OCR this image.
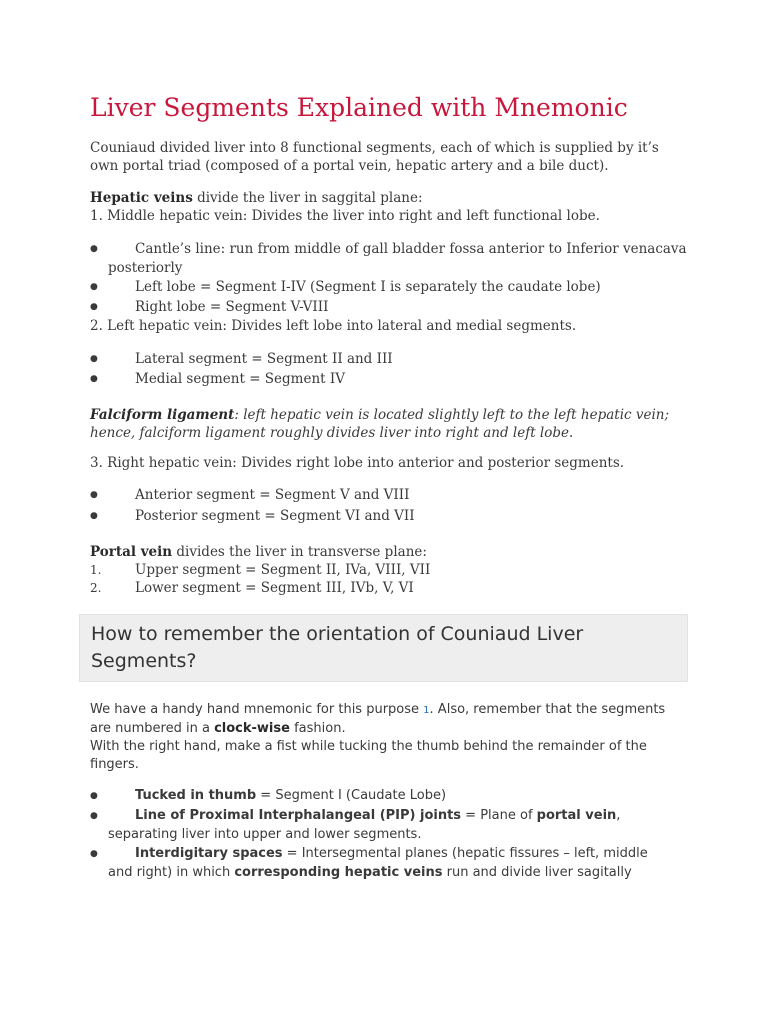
Liver Segments Explained with Mnemonic

Couniaud divided liver into 8 functional segments, each of which is supplied by it’s own portal triad (composed of a portal vein, hepatic artery and a bile duct).

Hepatic veins divide the liver in saggital plane:

1. Middle hepatic vein: Divides the liver into right and left functional lobe.

●	Cantle’s line: run from middle of gall bladder fossa anterior to Inferior venacava
posteriorly
●	Left lobe = Segment I-IV (Segment I is separately the caudate lobe)
●	Right lobe = Segment V-VIII

2. Left hepatic vein: Divides left lobe into lateral and medial segments.

●	Lateral segment = Segment II and III
●	Medial segment = Segment IV

Falciform ligament: left hepatic vein is located slightly left to the left hepatic vein; hence, falciform ligament roughly divides liver into right and left lobe.

3. Right hepatic vein: Divides right lobe into anterior and posterior segments.

●	Anterior segment = Segment V and VIII
●	Posterior segment = Segment VI and VII

Portal vein divides the liver in transverse plane:

1.	Upper segment = Segment II, IVa, VIII, VII
2.	Lower segment = Segment III, IVb, V, VI
How to remember the orientation of Couniaud Liver Segments?
We have a handy hand mnemonic for this purpose 1. Also, remember that the segments are numbered in a clock-wise fashion.
With the right hand, make a fist while tucking the thumb behind the remainder of the fingers.
●	Tucked in thumb = Segment I (Caudate Lobe)
●	Line of Proximal Interphalangeal (PIP) joints = Plane of portal vein,
separating liver into upper and lower segments.
●	Interdigitary spaces = Intersegmental planes (hepatic fissures – left, middle
and right) in which corresponding hepatic veins run and divide liver sagitally
